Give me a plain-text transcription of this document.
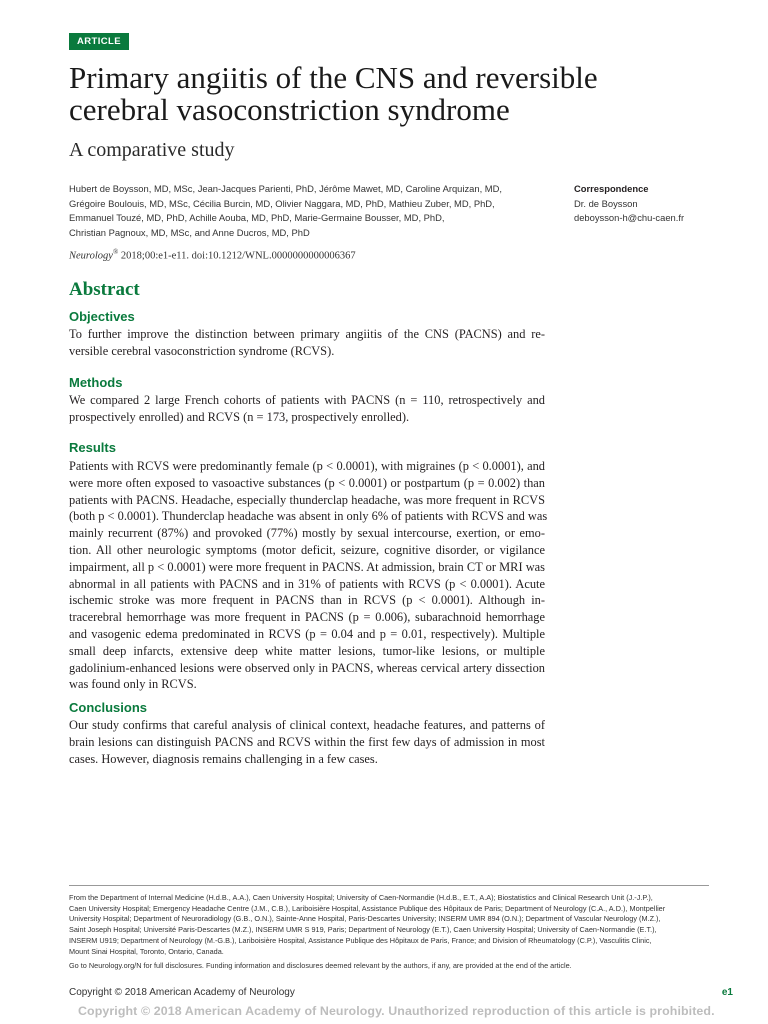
ARTICLE
Primary angiitis of the CNS and reversible
cerebral vasoconstriction syndrome
A comparative study
Hubert de Boysson, MD, MSc, Jean-Jacques Parienti, PhD, Jérôme Mawet, MD, Caroline Arquizan, MD,
Grégoire Boulouis, MD, MSc, Cécilia Burcin, MD, Olivier Naggara, MD, PhD, Mathieu Zuber, MD, PhD,
Emmanuel Touzé, MD, PhD, Achille Aouba, MD, PhD, Marie-Germaine Bousser, MD, PhD,
Christian Pagnoux, MD, MSc, and Anne Ducros, MD, PhD
Correspondence
Dr. de Boysson
deboysson-h@chu-caen.fr
Neurology® 2018;00:e1-e11. doi:10.1212/WNL.0000000000006367
Abstract
Objectives
To further improve the distinction between primary angiitis of the CNS (PACNS) and re-
versible cerebral vasoconstriction syndrome (RCVS).
Methods
We compared 2 large French cohorts of patients with PACNS (n = 110, retrospectively and
prospectively enrolled) and RCVS (n = 173, prospectively enrolled).
Results
Patients with RCVS were predominantly female (p < 0.0001), with migraines (p < 0.0001), and
were more often exposed to vasoactive substances (p < 0.0001) or postpartum (p = 0.002) than
patients with PACNS. Headache, especially thunderclap headache, was more frequent in RCVS
(both p < 0.0001). Thunderclap headache was absent in only 6% of patients with RCVS and was
mainly recurrent (87%) and provoked (77%) mostly by sexual intercourse, exertion, or emo-
tion. All other neurologic symptoms (motor deficit, seizure, cognitive disorder, or vigilance
impairment, all p < 0.0001) were more frequent in PACNS. At admission, brain CT or MRI was
abnormal in all patients with PACNS and in 31% of patients with RCVS (p < 0.0001). Acute
ischemic stroke was more frequent in PACNS than in RCVS (p < 0.0001). Although in-
tracerebral hemorrhage was more frequent in PACNS (p = 0.006), subarachnoid hemorrhage
and vasogenic edema predominated in RCVS (p = 0.04 and p = 0.01, respectively). Multiple
small deep infarcts, extensive deep white matter lesions, tumor-like lesions, or multiple
gadolinium-enhanced lesions were observed only in PACNS, whereas cervical artery dissection
was found only in RCVS.
Conclusions
Our study confirms that careful analysis of clinical context, headache features, and patterns of
brain lesions can distinguish PACNS and RCVS within the first few days of admission in most
cases. However, diagnosis remains challenging in a few cases.
From the Department of Internal Medicine (H.d.B., A.A.), Caen University Hospital; University of Caen-Normandie (H.d.B., E.T., A.A); Biostatistics and Clinical Research Unit (J.-J.P.),
Caen University Hospital; Emergency Headache Centre (J.M., C.B.), Lariboisière Hospital, Assistance Publique des Hôpitaux de Paris; Department of Neurology (C.A., A.D.), Montpellier
University Hospital; Department of Neuroradiology (G.B., O.N.), Sainte-Anne Hospital, Paris-Descartes University; INSERM UMR 894 (O.N.); Department of Vascular Neurology (M.Z.),
Saint Joseph Hospital; Université Paris-Descartes (M.Z.), INSERM UMR S 919, Paris; Department of Neurology (E.T.), Caen University Hospital; University of Caen-Normandie (E.T.),
INSERM U919; Department of Neurology (M.-G.B.), Lariboisière Hospital, Assistance Publique des Hôpitaux de Paris, France; and Division of Rheumatology (C.P.), Vasculitis Clinic,
Mount Sinai Hospital, Toronto, Ontario, Canada.
Go to Neurology.org/N for full disclosures. Funding information and disclosures deemed relevant by the authors, if any, are provided at the end of the article.
Copyright © 2018 American Academy of Neurology	e1
Copyright © 2018 American Academy of Neurology. Unauthorized reproduction of this article is prohibited.
